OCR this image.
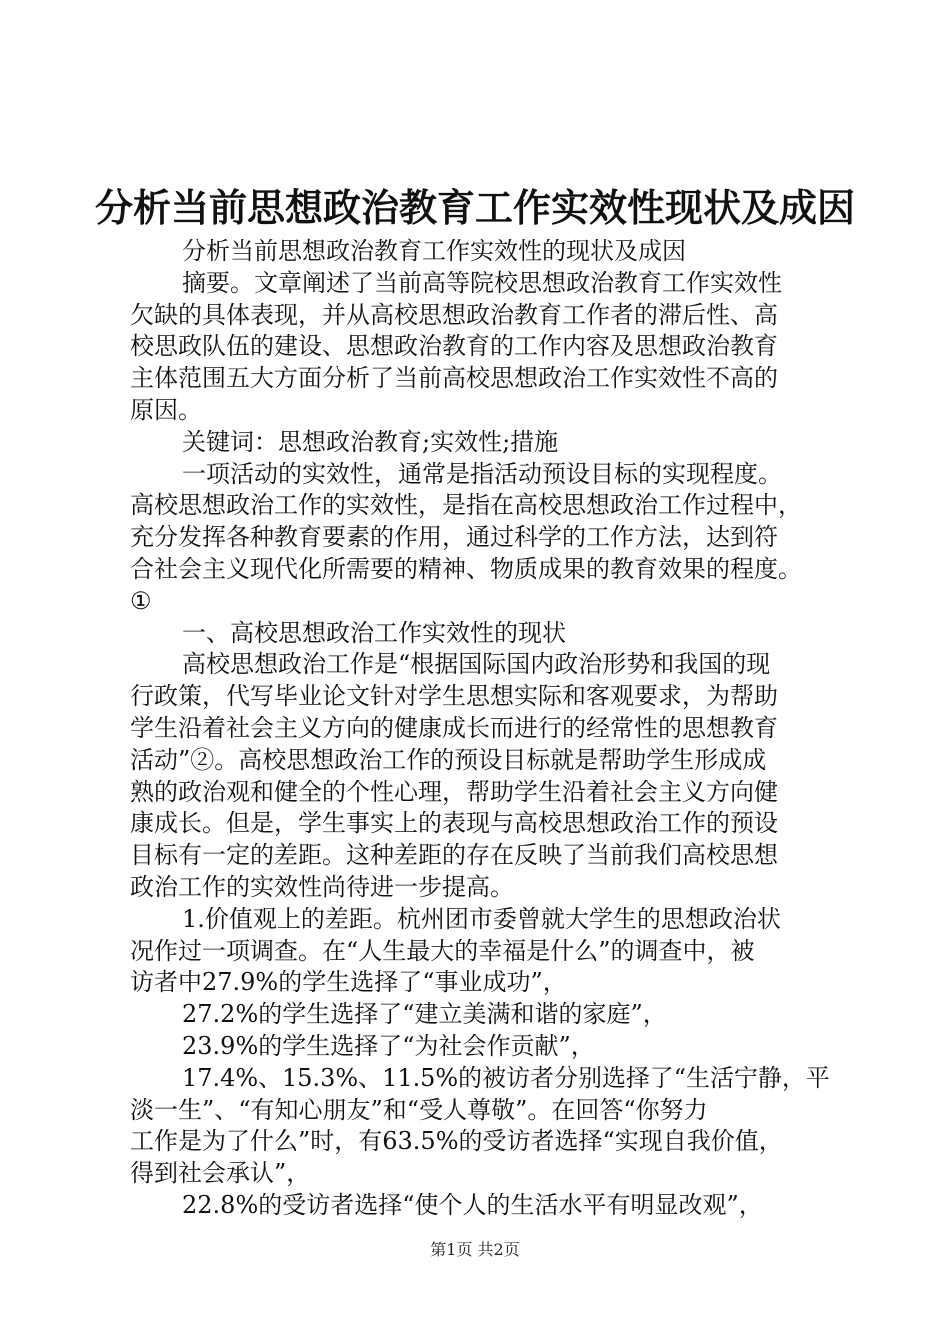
分析当前思想政治教育工作实效性现状及成因
分析当前思想政治教育工作实效性的现状及成因
摘要。文章阐述了当前高等院校思想政治教育工作实效性
欠缺的具体表现，并从高校思想政治教育工作者的滞后性、高
校思政队伍的建设、思想政治教育的工作内容及思想政治教育
主体范围五大方面分析了当前高校思想政治工作实效性不高的
原因。
关键词：思想政治教育;实效性;措施
一项活动的实效性，通常是指活动预设目标的实现程度。
高校思想政治工作的实效性，是指在高校思想政治工作过程中，
充分发挥各种教育要素的作用，通过科学的工作方法，达到符
合社会主义现代化所需要的精神、物质成果的教育效果的程度。
①
一、高校思想政治工作实效性的现状
高校思想政治工作是“根据国际国内政治形势和我国的现
行政策，代写毕业论文针对学生思想实际和客观要求，为帮助
学生沿着社会主义方向的健康成长而进行的经常性的思想教育
活动”②。高校思想政治工作的预设目标就是帮助学生形成成
熟的政治观和健全的个性心理，帮助学生沿着社会主义方向健
康成长。但是，学生事实上的表现与高校思想政治工作的预设
目标有一定的差距。这种差距的存在反映了当前我们高校思想
政治工作的实效性尚待进一步提高。
1.价值观上的差距。杭州团市委曾就大学生的思想政治状
况作过一项调查。在“人生最大的幸福是什么”的调查中，被
访者中27.9%的学生选择了“事业成功”，
27.2%的学生选择了“建立美满和谐的家庭”，
23.9%的学生选择了“为社会作贡献”，
17.4%、15.3%、11.5%的被访者分别选择了“生活宁静，平
淡一生”、“有知心朋友”和“受人尊敬”。在回答“你努力
工作是为了什么”时，有63.5%的受访者选择“实现自我价值，
得到社会承认”，
22.8%的受访者选择“使个人的生活水平有明显改观”，
第1页 共2页
